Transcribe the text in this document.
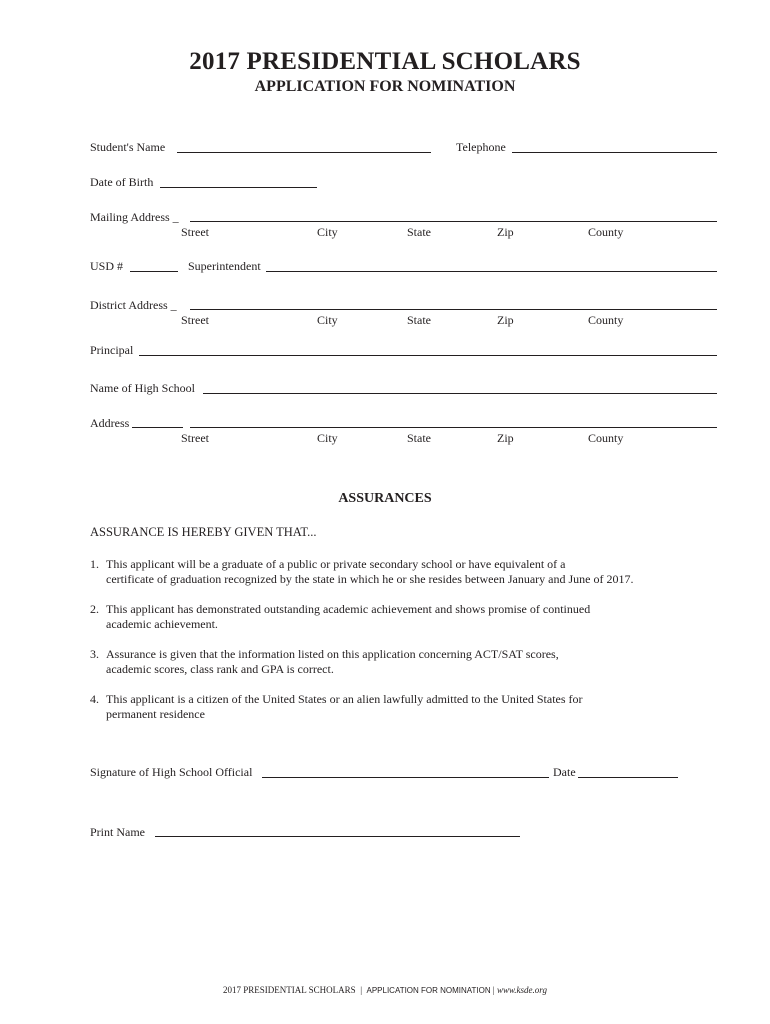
2017 PRESIDENTIAL SCHOLARS
APPLICATION FOR NOMINATION
Student's Name	Telephone
Date of Birth
Mailing Address _
Street	City	State	Zip	County
USD #	Superintendent
District Address _
Street	City	State	Zip	County
Principal
Name of High School
Address
Street	City	State	Zip	County
ASSURANCES
ASSURANCE IS HEREBY GIVEN THAT...
1. This applicant will be a graduate of a public or private secondary school or have equivalent of a
certificate of graduation recognized by the state in which he or she resides between January and June of 2017.
2. This applicant has demonstrated outstanding academic achievement and shows promise of continued
academic achievement.
3. Assurance is given that the information listed on this application concerning ACT/SAT scores,
academic scores, class rank and GPA is correct.
4. This applicant is a citizen of the United States or an alien lawfully admitted to the United States for
permanent residence
Signature of High School Official	Date
Print Name
2017 PRESIDENTIAL SCHOLARS | APPLICATION FOR NOMINATION | www.ksde.org
